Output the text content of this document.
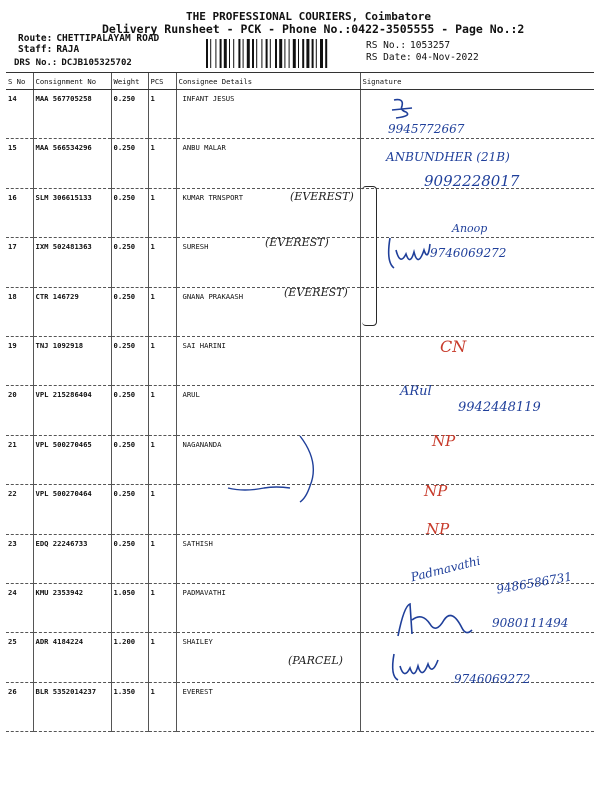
THE PROFESSIONAL COURIERS, Coimbatore
Delivery Runsheet - PCK - Phone No.:0422-3505555 - Page No.:2
Route: CHETTIPALAYAM ROAD
Staff: RAJA
DRS No.: DCJB105325702
RS No.: 1053257
RS Date: 04-Nov-2022
S No	Consignment No	Weight	PCS	Consignee Details	Signature
14	MAA 567705258	0.250	1	INFANT JESUS	
15	MAA 566534296	0.250	1	ANBU MALAR	
16	SLM 306615133	0.250	1	KUMAR TRNSPORT	
17	IXM 502481363	0.250	1	SURESH	
18	CTR 146729	0.250	1	GNANA PRAKAASH	
19	TNJ 1092918	0.250	1	SAI HARINI	
20	VPL 215286404	0.250	1	ARUL	
21	VPL 500270465	0.250	1	NAGANANDA	
22	VPL 500270464	0.250	1		
23	EDQ 22246733	0.250	1	SATHISH	
24	KMU 2353942	1.050	1	PADMAVATHI	
25	ADR 4184224	1.200	1	SHAILEY	
26	BLR 5352014237	1.350	1	EVEREST	
9945772667
ANBUNDHER (21B)
9092228017
(EVEREST)
(EVEREST)
(EVEREST)
Anoop
9746069272
CN
ARul
9942448119
NP
NP
NP
Padmavathi 9486586731
9080111494
(PARCEL)
9746069272
